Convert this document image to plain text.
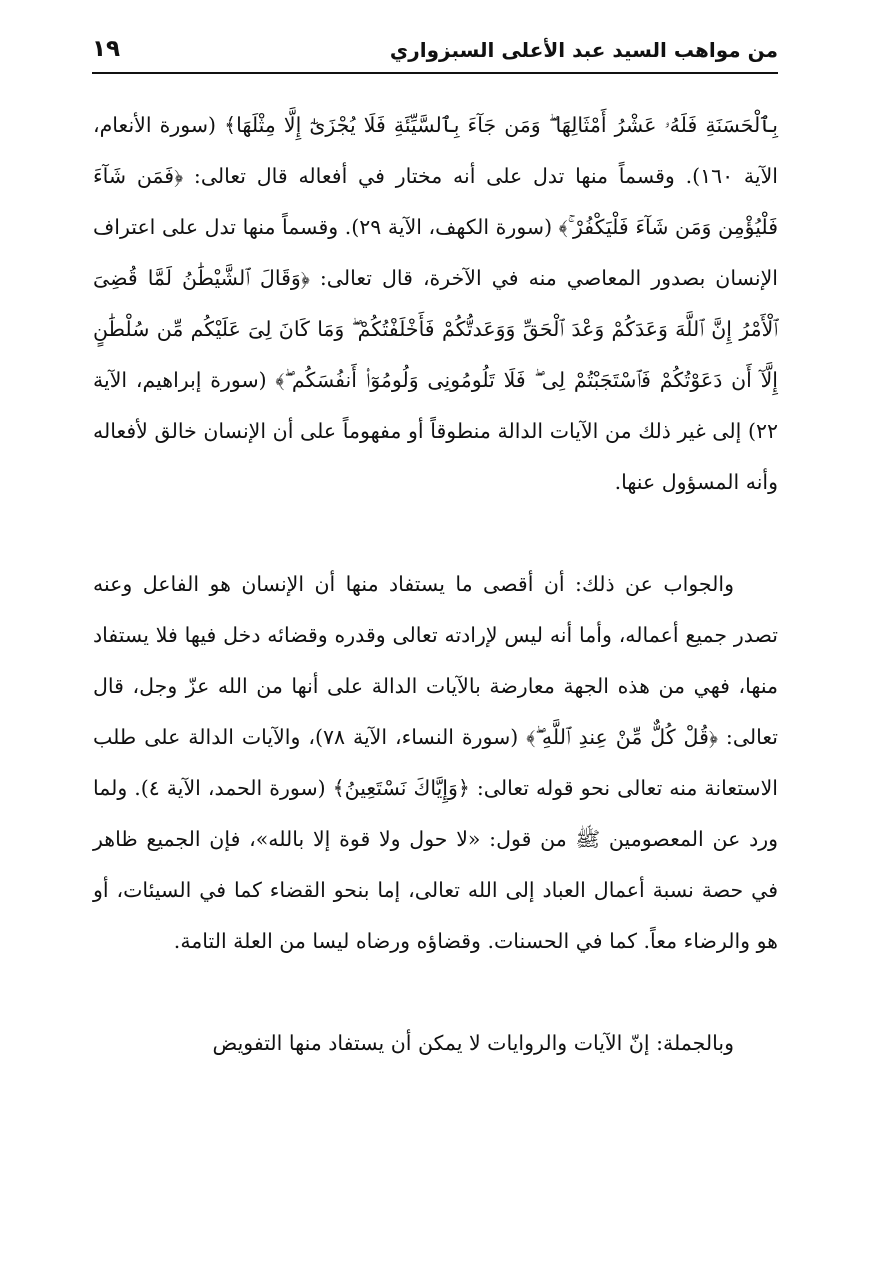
من مواهب السيد عبد الأعلى السبزواري
١٩

بِٱلْحَسَنَةِ فَلَهُۥ عَشْرُ أَمْثَالِهَا ۖ وَمَن جَآءَ بِٱلسَّيِّئَةِ فَلَا يُجْزَىٰٓ إِلَّا مِثْلَهَا﴾ (سورة الأنعام، الآية ١٦٠). وقسماً منها تدل على أنه مختار في أفعاله قال تعالى: ﴿فَمَن شَآءَ فَلْيُؤْمِن وَمَن شَآءَ فَلْيَكْفُرْ ۚ﴾ (سورة الكهف، الآية ٢٩). وقسماً منها تدل على اعتراف الإنسان بصدور المعاصي منه في الآخرة، قال تعالى: ﴿وَقَالَ ٱلشَّيْطَٰنُ لَمَّا قُضِىَ ٱلْأَمْرُ إِنَّ ٱللَّهَ وَعَدَكُمْ وَعْدَ ٱلْحَقِّ وَوَعَدتُّكُمْ فَأَخْلَفْتُكُمْ ۖ وَمَا كَانَ لِىَ عَلَيْكُم مِّن سُلْطَٰنٍ إِلَّآ أَن دَعَوْتُكُمْ فَٱسْتَجَبْتُمْ لِى ۖ فَلَا تَلُومُونِى وَلُومُوٓا۟ أَنفُسَكُم ۖ﴾ (سورة إبراهيم، الآية ٢٢) إلى غير ذلك من الآيات الدالة منطوقاً أو مفهوماً على أن الإنسان خالق لأفعاله وأنه المسؤول عنها.

والجواب عن ذلك: أن أقصى ما يستفاد منها أن الإنسان هو الفاعل وعنه تصدر جميع أعماله، وأما أنه ليس لإرادته تعالى وقدره وقضائه دخل فيها فلا يستفاد منها، فهي من هذه الجهة معارضة بالآيات الدالة على أنها من الله عزّ وجل، قال تعالى: ﴿قُلْ كُلٌّ مِّنْ عِندِ ٱللَّهِ ۖ﴾ (سورة النساء، الآية ٧٨)، والآيات الدالة على طلب الاستعانة منه تعالى نحو قوله تعالى: ﴿وَإِيَّاكَ نَسْتَعِينُ﴾ (سورة الحمد، الآية ٤). ولما ورد عن المعصومين ﷺ من قول: «لا حول ولا قوة إلا بالله»، فإن الجميع ظاهر في حصة نسبة أعمال العباد إلى الله تعالى، إما بنحو القضاء كما في السيئات، أو هو والرضاء معاً. كما في الحسنات. وقضاؤه ورضاه ليسا من العلة التامة.

وبالجملة: إنّ الآيات والروايات لا يمكن أن يستفاد منها التفويض
